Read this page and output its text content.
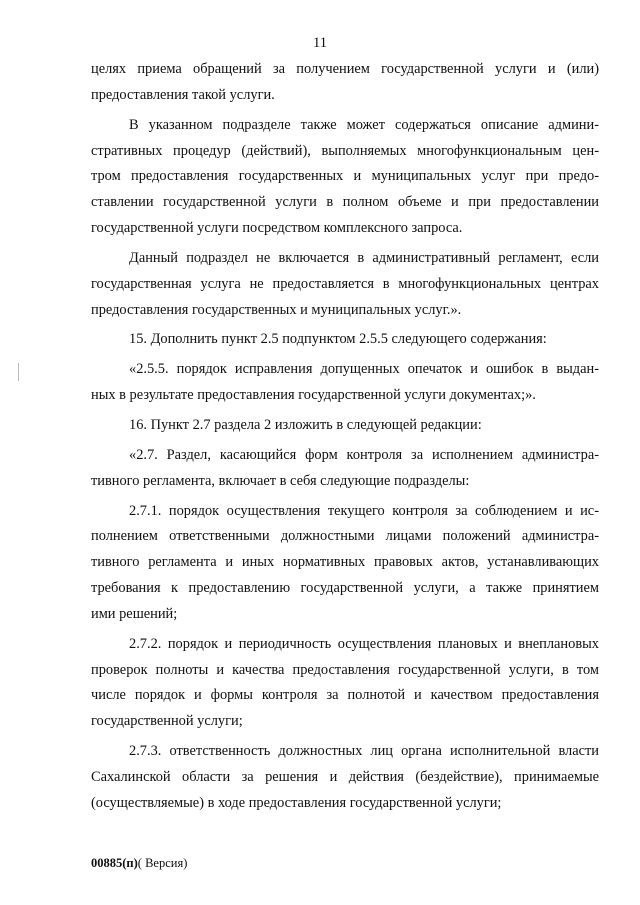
11
целях приема обращений за получением государственной услуги и (или)
предоставления такой услуги.
В указанном подразделе также может содержаться описание админи-
стративных процедур (действий), выполняемых многофункциональным цен-
тром предоставления государственных и муниципальных услуг при предо-
ставлении государственной услуги в полном объеме и при предоставлении
государственной услуги посредством комплексного запроса.
Данный подраздел не включается в административный регламент, если
государственная услуга не предоставляется в многофункциональных центрах
предоставления государственных и муниципальных услуг.».
15. Дополнить пункт 2.5 подпунктом 2.5.5 следующего содержания:
«2.5.5. порядок исправления допущенных опечаток и ошибок в выдан-
ных в результате предоставления государственной услуги документах;».
16. Пункт 2.7 раздела 2 изложить в следующей редакции:
«2.7. Раздел, касающийся форм контроля за исполнением администра-
тивного регламента, включает в себя следующие подразделы:
2.7.1. порядок осуществления текущего контроля за соблюдением и ис-
полнением ответственными должностными лицами положений администра-
тивного регламента и иных нормативных правовых актов, устанавливающих
требования к предоставлению государственной услуги, а также принятием
ими решений;
2.7.2. порядок и периодичность осуществления плановых и внеплановых
проверок полноты и качества предоставления государственной услуги, в том
числе порядок и формы контроля за полнотой и качеством предоставления
государственной услуги;
2.7.3. ответственность должностных лиц органа исполнительной власти
Сахалинской области за решения и действия (бездействие), принимаемые
(осуществляемые) в ходе предоставления государственной услуги;
00885(п)( Версия)
